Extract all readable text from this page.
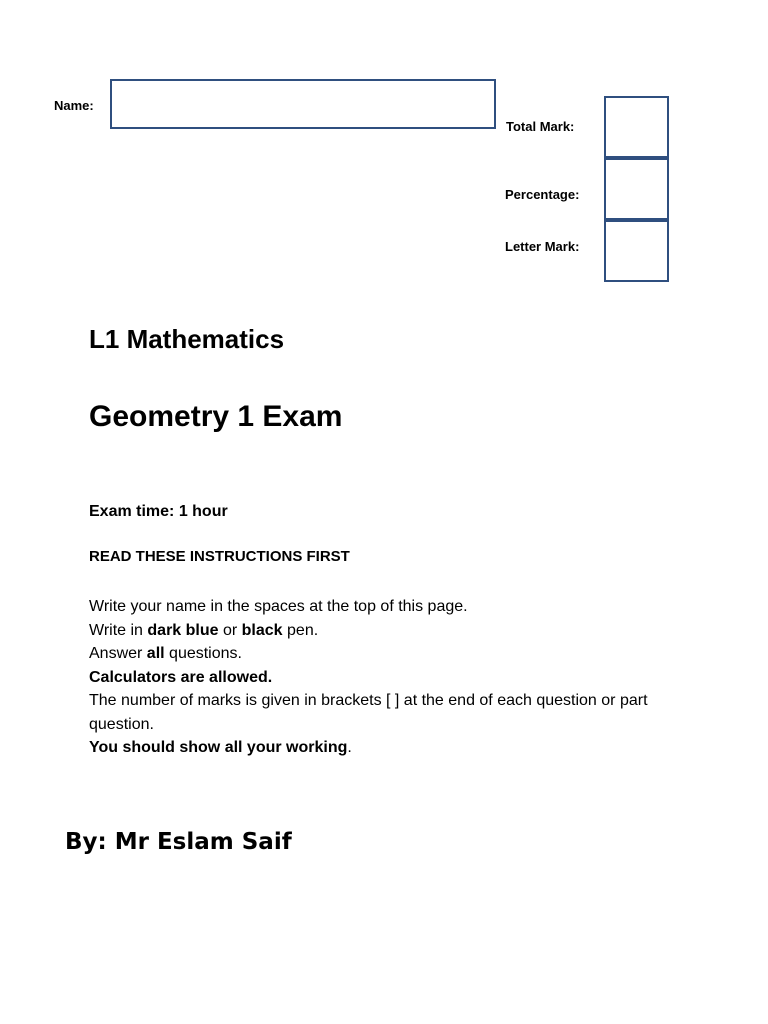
Name:
Total Mark:
Percentage:
Letter Mark:
L1 Mathematics
Geometry 1 Exam
Exam time: 1 hour
READ THESE INSTRUCTIONS FIRST
Write your name in the spaces at the top of this page.
Write in dark blue or black pen.
Answer all questions.
Calculators are allowed.
The number of marks is given in brackets [ ] at the end of each question or part question.
You should show all your working.
By: Mr Eslam Saif
